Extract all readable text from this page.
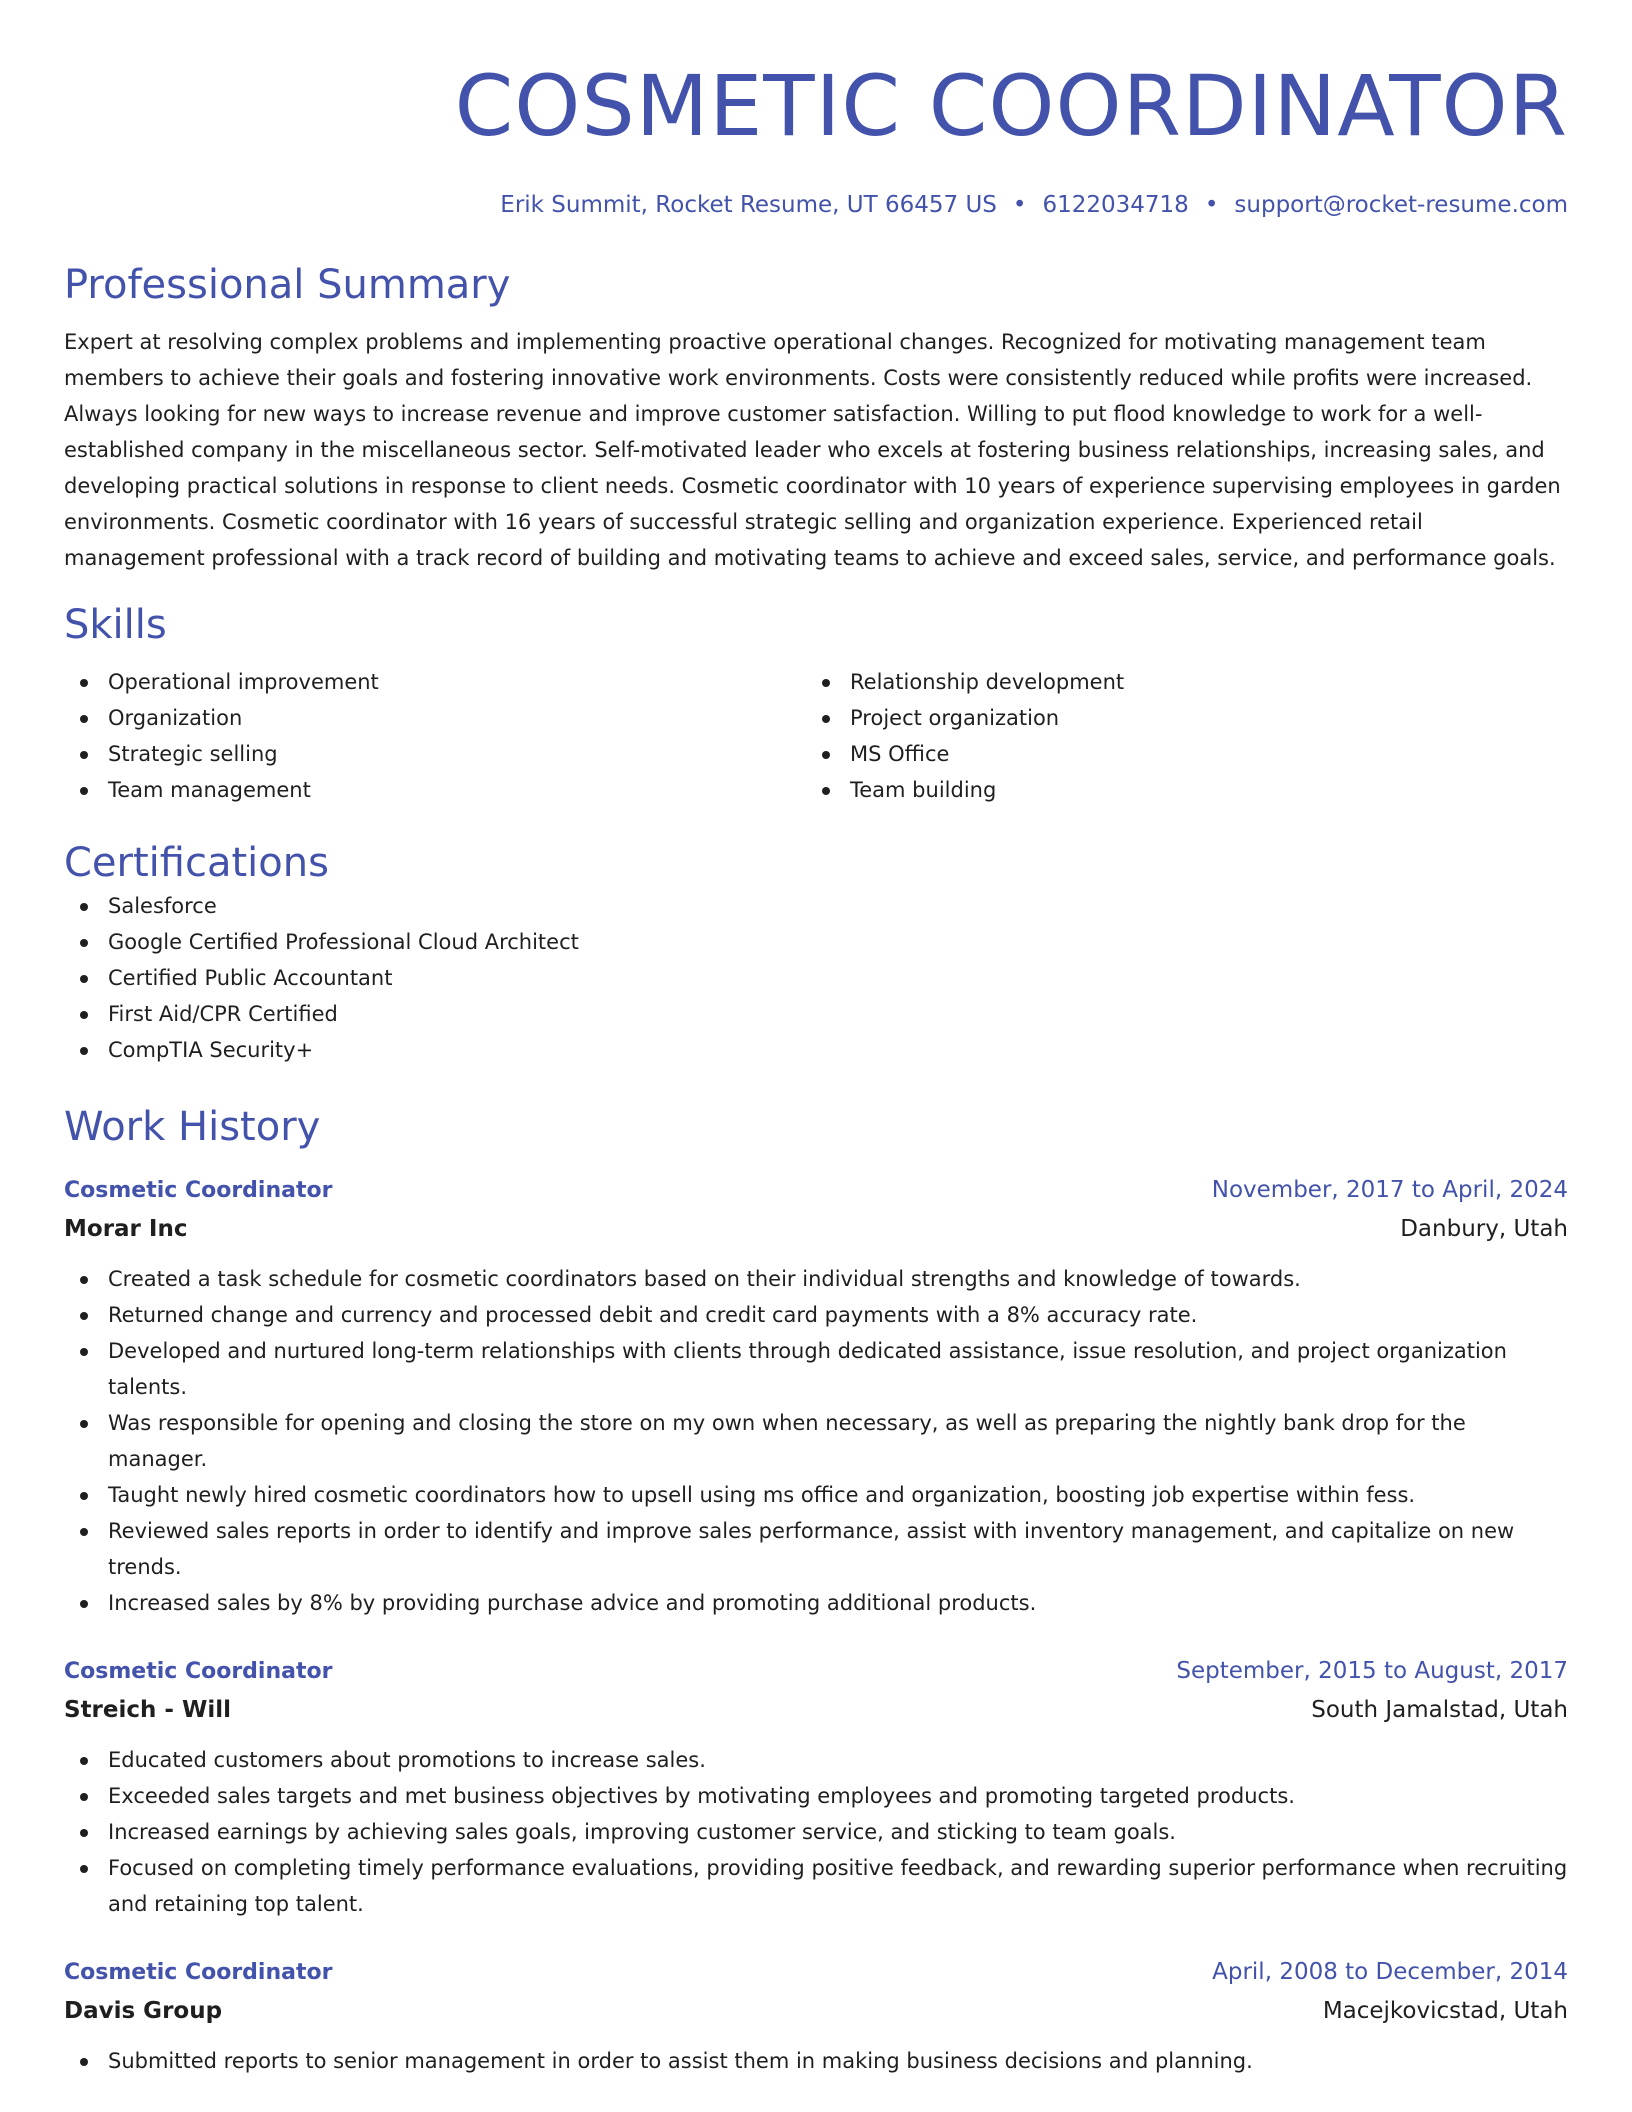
COSMETIC COORDINATOR
Erik Summit, Rocket Resume, UT 66457 US • 6122034718 • support@rocket-resume.com
Professional Summary
Expert at resolving complex problems and implementing proactive operational changes. Recognized for motivating management team members to achieve their goals and fostering innovative work environments. Costs were consistently reduced while profits were increased. Always looking for new ways to increase revenue and improve customer satisfaction. Willing to put flood knowledge to work for a well-established company in the miscellaneous sector. Self-motivated leader who excels at fostering business relationships, increasing sales, and developing practical solutions in response to client needs. Cosmetic coordinator with 10 years of experience supervising employees in garden environments. Cosmetic coordinator with 16 years of successful strategic selling and organization experience. Experienced retail management professional with a track record of building and motivating teams to achieve and exceed sales, service, and performance goals.
Skills
Operational improvement
Organization
Strategic selling
Team management
Relationship development
Project organization
MS Office
Team building
Certifications
Salesforce
Google Certified Professional Cloud Architect
Certified Public Accountant
First Aid/CPR Certified
CompTIA Security+
Work History
Cosmetic Coordinator	November, 2017 to April, 2024
Morar Inc	Danbury, Utah
Created a task schedule for cosmetic coordinators based on their individual strengths and knowledge of towards.
Returned change and currency and processed debit and credit card payments with a 8% accuracy rate.
Developed and nurtured long-term relationships with clients through dedicated assistance, issue resolution, and project organization talents.
Was responsible for opening and closing the store on my own when necessary, as well as preparing the nightly bank drop for the manager.
Taught newly hired cosmetic coordinators how to upsell using ms office and organization, boosting job expertise within fess.
Reviewed sales reports in order to identify and improve sales performance, assist with inventory management, and capitalize on new trends.
Increased sales by 8% by providing purchase advice and promoting additional products.
Cosmetic Coordinator	September, 2015 to August, 2017
Streich - Will	South Jamalstad, Utah
Educated customers about promotions to increase sales.
Exceeded sales targets and met business objectives by motivating employees and promoting targeted products.
Increased earnings by achieving sales goals, improving customer service, and sticking to team goals.
Focused on completing timely performance evaluations, providing positive feedback, and rewarding superior performance when recruiting and retaining top talent.
Cosmetic Coordinator	April, 2008 to December, 2014
Davis Group	Macejkovicstad, Utah
Submitted reports to senior management in order to assist them in making business decisions and planning.
